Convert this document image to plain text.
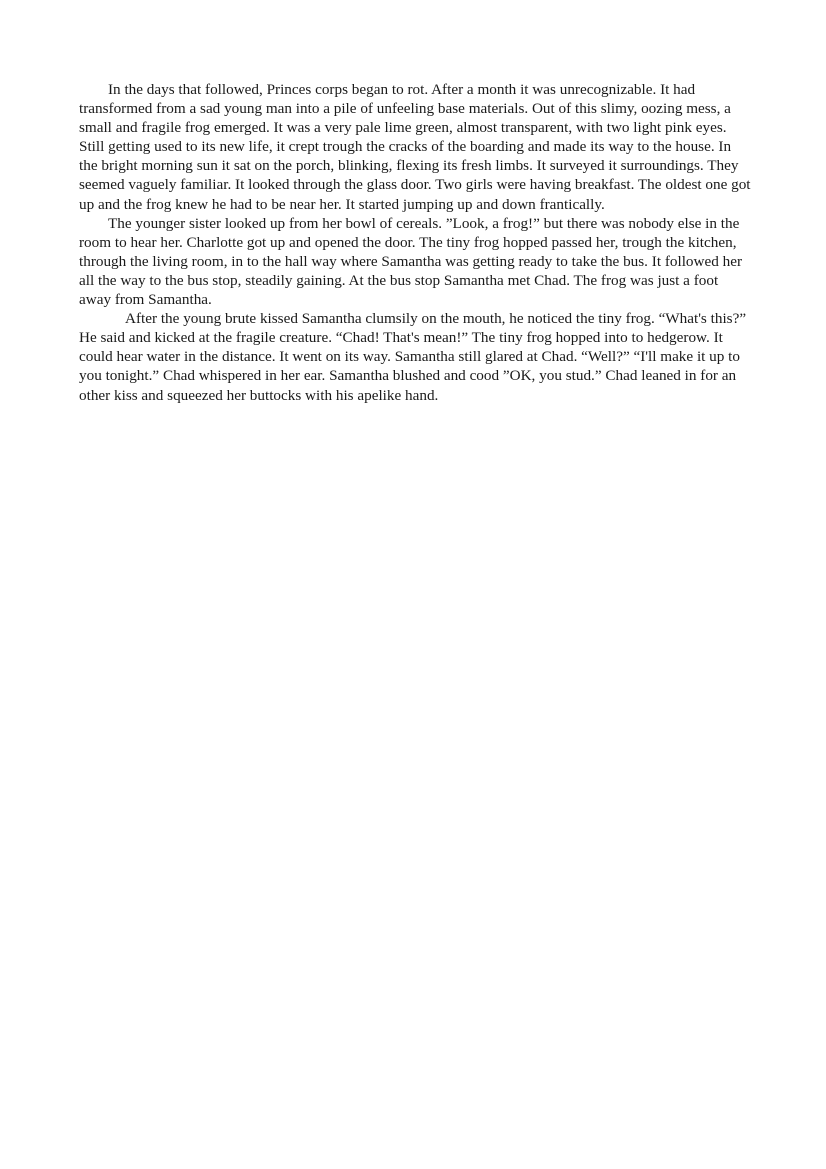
In the days that followed, Princes corps began to rot. After a month it was unrecognizable. It had transformed from a sad young man into a pile of unfeeling base materials. Out of this slimy, oozing mess, a small and fragile frog emerged. It was a very pale lime green, almost transparent, with two light pink eyes. Still getting used to its new life, it crept trough the cracks of the boarding and made its way to the house. In the bright morning sun it sat on the porch, blinking, flexing its fresh limbs. It surveyed it surroundings. They seemed vaguely familiar. It looked through the glass door. Two girls were having breakfast. The oldest one got up and the frog knew he had to be near her. It started jumping up and down frantically.

The younger sister looked up from her bowl of cereals. ”Look, a frog!” but there was nobody else in the room to hear her. Charlotte got up and opened the door. The tiny frog hopped passed her, trough the kitchen, through the living room, in to the hall way where Samantha was getting ready to take the bus. It followed her all the way to the bus stop, steadily gaining. At the bus stop Samantha met Chad. The frog was just a foot away from Samantha.

After the young brute kissed Samantha clumsily on the mouth, he noticed the tiny frog. “What's this?” He said and kicked at the fragile creature. “Chad! That's mean!” The tiny frog hopped into to hedgerow. It could hear water in the distance. It went on its way. Samantha still glared at Chad. “Well?” “I'll make it up to you tonight.” Chad whispered in her ear. Samantha blushed and cood ”OK, you stud.” Chad leaned in for an other kiss and squeezed her buttocks with his apelike hand.
